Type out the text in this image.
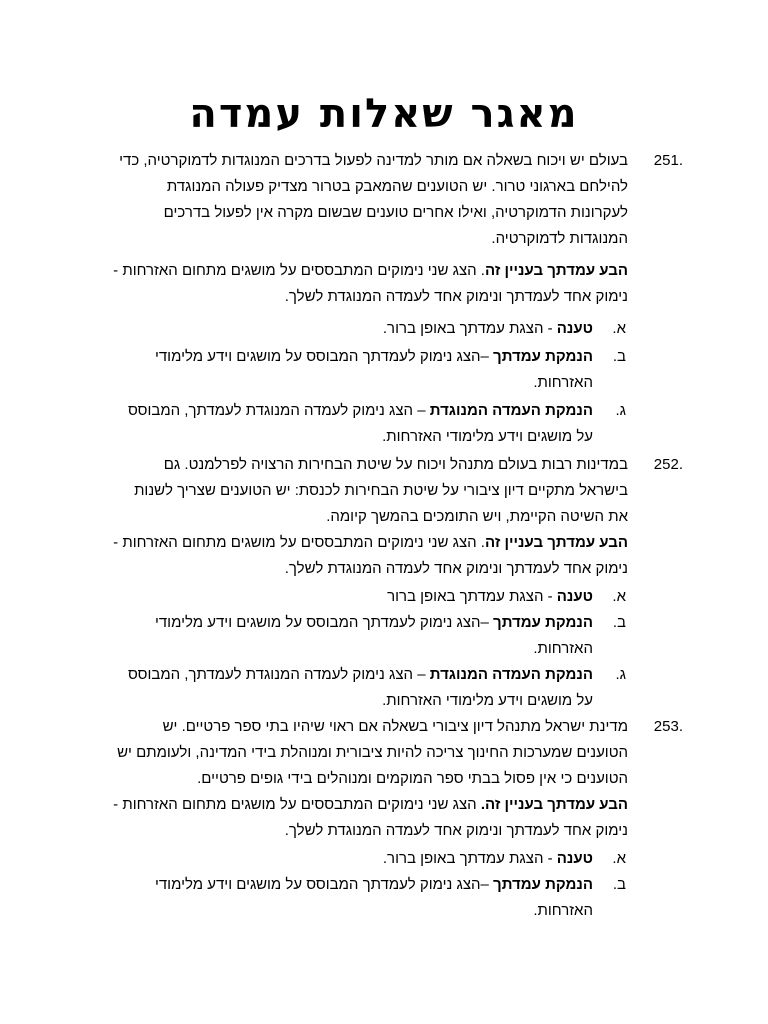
מאגר שאלות עמדה
251.
בעולם יש ויכוח בשאלה אם מותר למדינה לפעול בדרכים המנוגדות לדמוקרטיה, כדי להילחם בארגוני טרור. יש הטוענים שהמאבק בטרור מצדיק פעולה המנוגדת לעקרונות הדמוקרטיה, ואילו אחרים טוענים שבשום מקרה אין לפעול בדרכים המנוגדות לדמוקרטיה.
הבע עמדתך בעניין זה. הצג שני נימוקים המתבססים על מושגים מתחום האזרחות - נימוק אחד לעמדתך ונימוק אחד לעמדה המנוגדת לשלך.
א.
טענה - הצגת עמדתך באופן ברור.
ב.
הנמקת עמדתך –הצג נימוק לעמדתך המבוסס על מושגים וידע מלימודי האזרחות.
ג.
הנמקת העמדה המנוגדת – הצג נימוק לעמדה המנוגדת לעמדתך, המבוסס על מושגים וידע מלימודי האזרחות.
252.
במדינות רבות בעולם מתנהל ויכוח על שיטת הבחירות הרצויה לפרלמנט. גם בישראל מתקיים דיון ציבורי על שיטת הבחירות לכנסת: יש הטוענים שצריך לשנות את השיטה הקיימת, ויש התומכים בהמשך קיומה.
הבע עמדתך בעניין זה. הצג שני נימוקים המתבססים על מושגים מתחום האזרחות - נימוק אחד לעמדתך ונימוק אחד לעמדה המנוגדת לשלך.
א.
טענה - הצגת עמדתך באופן ברור
ב.
הנמקת עמדתך –הצג נימוק לעמדתך המבוסס על מושגים וידע מלימודי האזרחות.
ג.
הנמקת העמדה המנוגדת – הצג נימוק לעמדה המנוגדת לעמדתך, המבוסס על מושגים וידע מלימודי האזרחות.
253.
מדינת ישראל מתנהל דיון ציבורי בשאלה אם ראוי שיהיו בתי ספר פרטיים. יש הטוענים שמערכות החינוך צריכה להיות ציבורית ומנוהלת בידי המדינה, ולעומתם יש הטוענים כי אין פסול בבתי ספר המוקמים ומנוהלים בידי גופים פרטיים.
הבע עמדתך בעניין זה. הצג שני נימוקים המתבססים על מושגים מתחום האזרחות - נימוק אחד לעמדתך ונימוק אחד לעמדה המנוגדת לשלך.
א.
טענה - הצגת עמדתך באופן ברור.
ב.
הנמקת עמדתך –הצג נימוק לעמדתך המבוסס על מושגים וידע מלימודי האזרחות.
